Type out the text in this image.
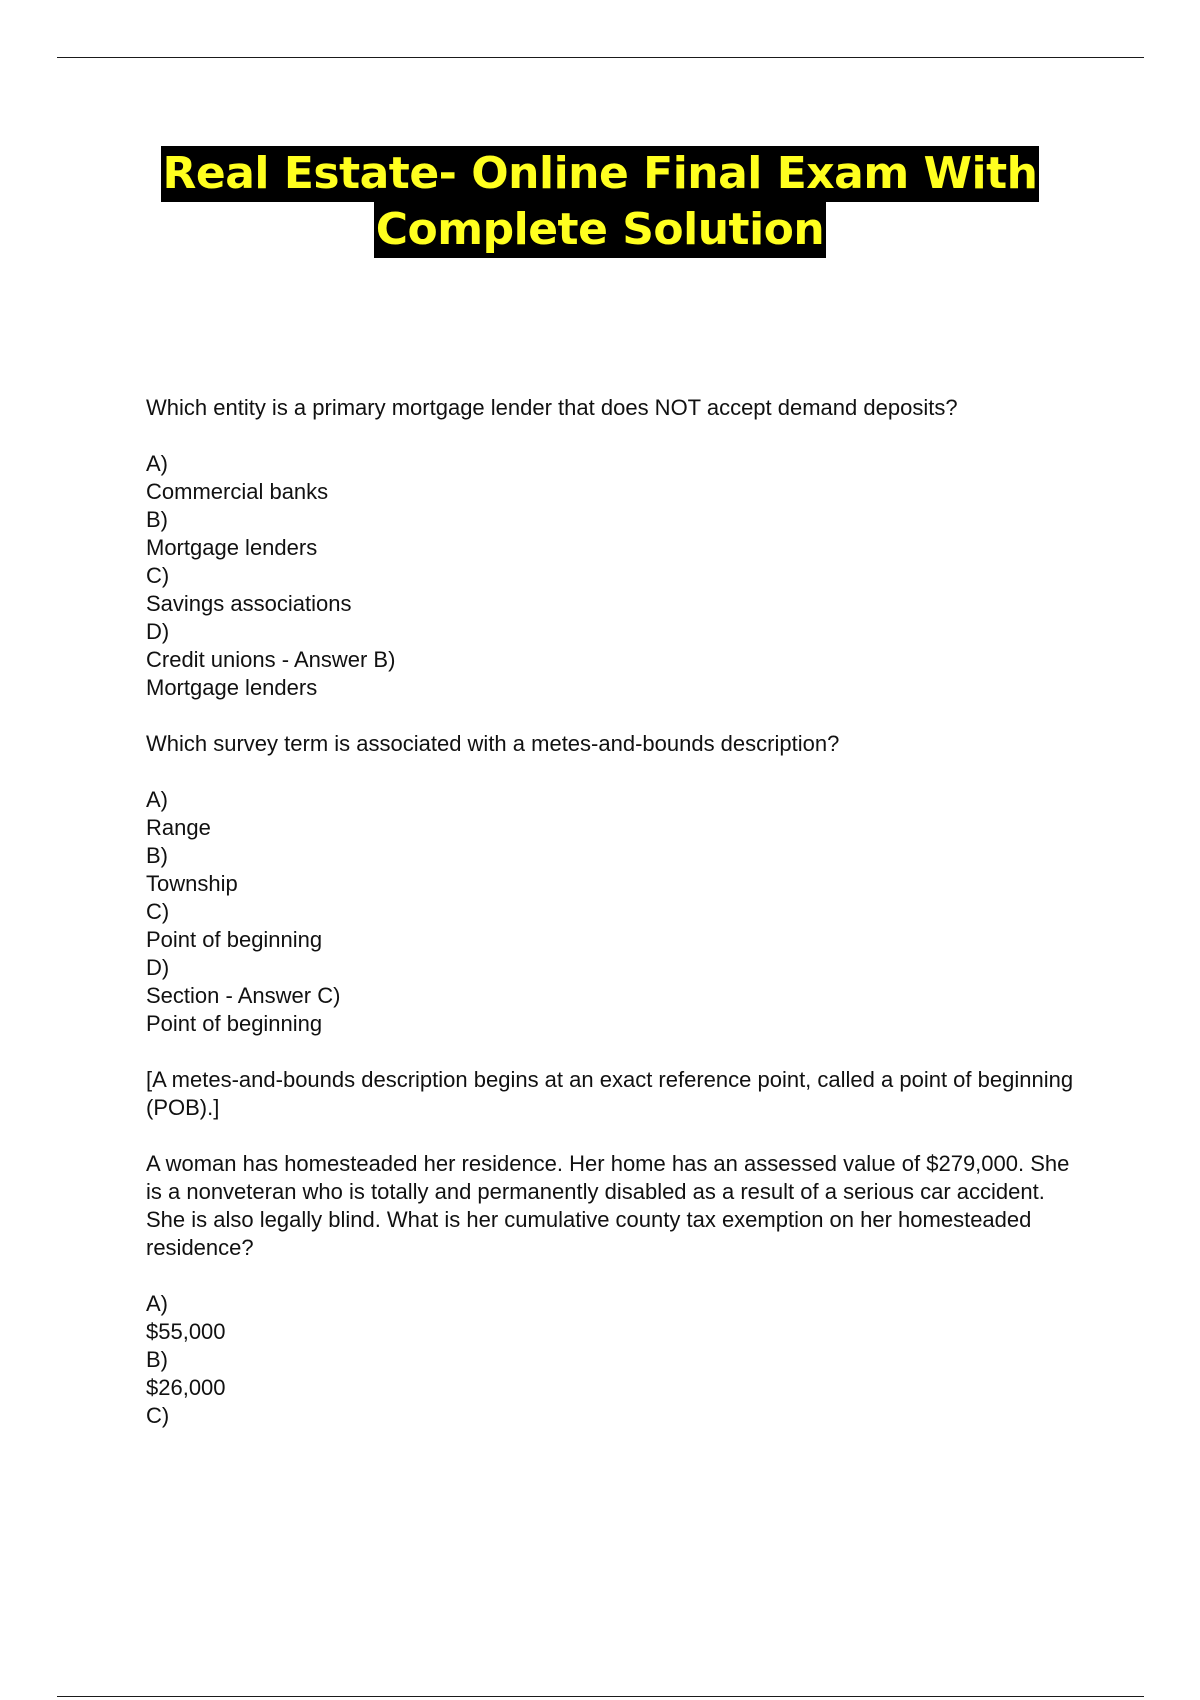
Real Estate- Online Final Exam With
Complete Solution
Which entity is a primary mortgage lender that does NOT accept demand deposits?
A)
Commercial banks
B)
Mortgage lenders
C)
Savings associations
D)
Credit unions - Answer B)
Mortgage lenders
Which survey term is associated with a metes-and-bounds description?
A)
Range
B)
Township
C)
Point of beginning
D)
Section - Answer C)
Point of beginning
[A metes-and-bounds description begins at an exact reference point, called a point of beginning (POB).]
A woman has homesteaded her residence. Her home has an assessed value of $279,000. She is a nonveteran who is totally and permanently disabled as a result of a serious car accident. She is also legally blind. What is her cumulative county tax exemption on her homesteaded residence?
A)
$55,000
B)
$26,000
C)
